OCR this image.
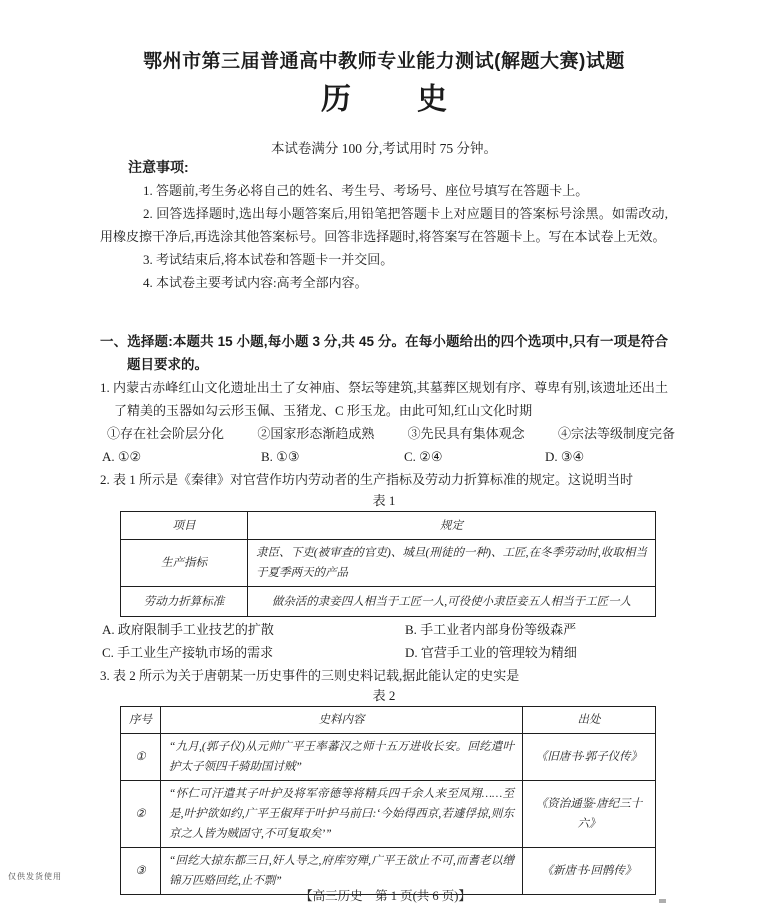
鄂州市第三届普通高中教师专业能力测试(解题大赛)试题
历 史
本试卷满分 100 分,考试用时 75 分钟。
注意事项:

1. 答题前,考生务必将自己的姓名、考生号、考场号、座位号填写在答题卡上。

2. 回答选择题时,选出每小题答案后,用铅笔把答题卡上对应题目的答案标号涂黑。如需改动,用橡皮擦干净后,再选涂其他答案标号。回答非选择题时,将答案写在答题卡上。写在本试卷上无效。

3. 考试结束后,将本试卷和答题卡一并交回。

4. 本试卷主要考试内容:高考全部内容。

一、选择题:本题共 15 小题,每小题 3 分,共 45 分。在每小题给出的四个选项中,只有一项是符合题目要求的。

1. 内蒙古赤峰红山文化遗址出土了女神庙、祭坛等建筑,其墓葬区规划有序、尊卑有别,该遗址还出土了精美的玉器如勾云形玉佩、玉猪龙、C 形玉龙。由此可知,红山文化时期

①存在社会阶层分化	②国家形态渐趋成熟	③先民具有集体观念	④宗法等级制度完备
A. ①②	B. ①③	C. ②④	D. ③④

2. 表 1 所示是《秦律》对官营作坊内劳动者的生产指标及劳动力折算标准的规定。这说明当时

表 1
项目	规定
生产指标	隶臣、下吏(被审查的官吏)、城旦(刑徒的一种)、工匠,在冬季劳动时,收取相当于夏季两天的产品
劳动力折算标准	做杂活的隶妾四人相当于工匠一人,可役使小隶臣妾五人相当于工匠一人
A. 政府限制手工业技艺的扩散	B. 手工业者内部身份等级森严
C. 手工业生产接轨市场的需求	D. 官营手工业的管理较为精细

3. 表 2 所示为关于唐朝某一历史事件的三则史料记载,据此能认定的史实是

表 2
序号	史料内容	出处
①	“九月,(郭子仪)从元帅广平王率蕃汉之师十五万进收长安。回纥遣叶护太子领四千骑助国讨贼”	《旧唐书·郭子仪传》
②	“怀仁可汗遣其子叶护及将军帝德等将精兵四千余人来至凤翔……至是,叶护欲如约,广平王俶拜于叶护马前曰:‘今始得西京,若遽俘掠,则东京之人皆为贼固守,不可复取矣’”	《资治通鉴·唐纪三十六》
③	“回纥大掠东都三日,奸人导之,府库穷殚,广平王欲止不可,而耆老以缯锦万匹赂回纥,止不剽”	《新唐书·回鹘传》
【高三历史　第 1 页(共 6 页)】
仅供发货使用
